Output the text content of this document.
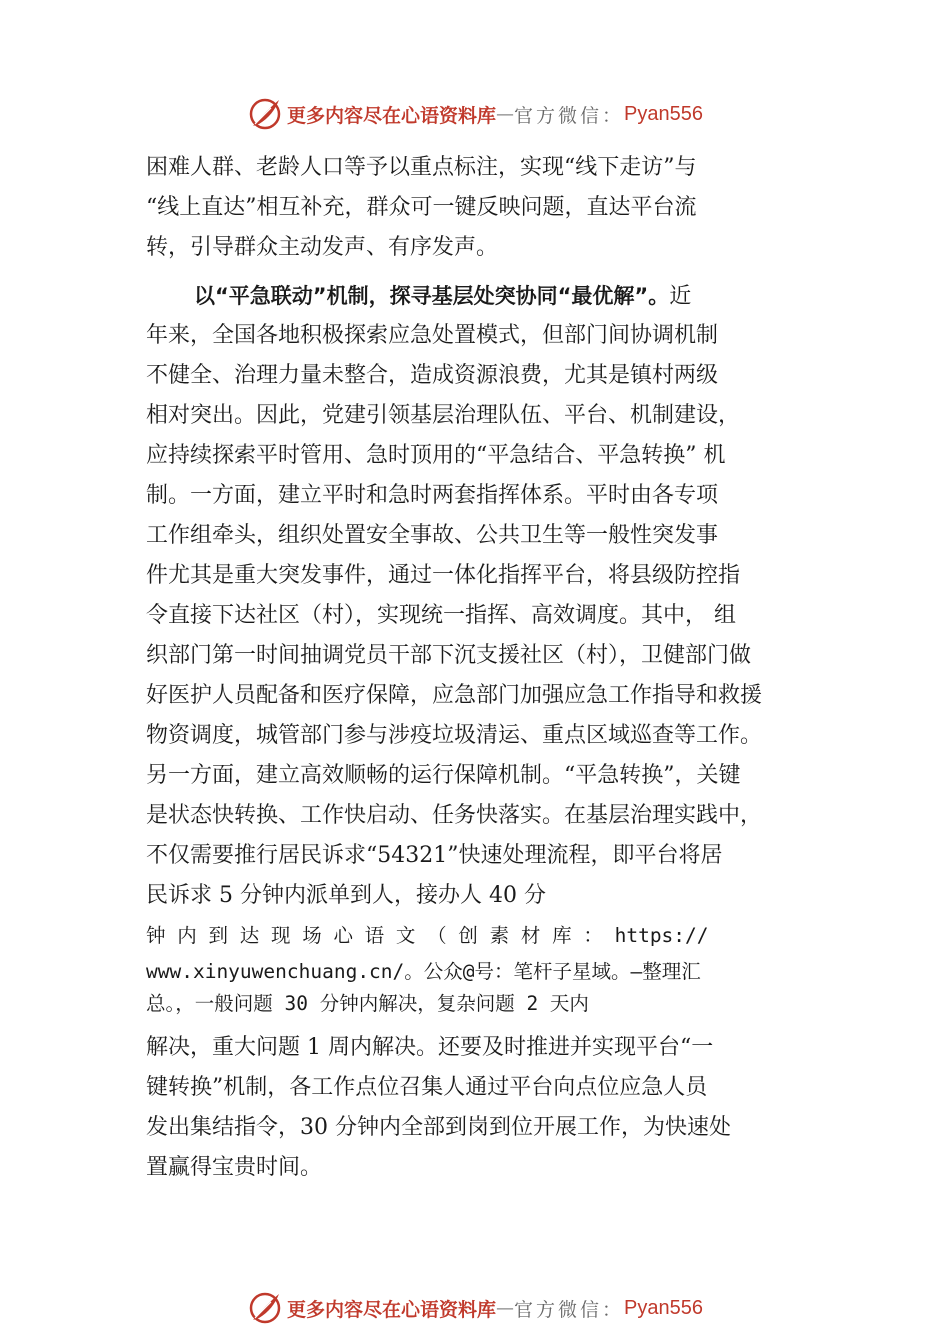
更多内容尽在心语资料库 — 官方微信： Pyan556
困难人群、老龄人口等予以重点标注，实现“线下走访”与
“线上直达”相互补充，群众可一键反映问题，直达平台流
转，引导群众主动发声、有序发声。
以“平急联动”机制，探寻基层处突协同“最优解”。近
年来，全国各地积极探索应急处置模式，但部门间协调机制
不健全、治理力量未整合，造成资源浪费，尤其是镇村两级
相对突出。因此，党建引领基层治理队伍、平台、机制建设，
应持续探索平时管用、急时顶用的“平急结合、平急转换” 机
制。一方面，建立平时和急时两套指挥体系。平时由各专项
工作组牵头，组织处置安全事故、公共卫生等一般性突发事
件尤其是重大突发事件，通过一体化指挥平台，将县级防控指
令直接下达社区（村），实现统一指挥、高效调度。其中， 组
织部门第一时间抽调党员干部下沉支援社区（村），卫健部门做
好医护人员配备和医疗保障，应急部门加强应急工作指导和救援
物资调度，城管部门参与涉疫垃圾清运、重点区域巡查等工作。
另一方面，建立高效顺畅的运行保障机制。“平急转换”，关键
是状态快转换、工作快启动、任务快落实。在基层治理实践中，
不仅需要推行居民诉求“54321”快速处理流程，即平台将居
民诉求 5 分钟内派单到人，接办人 40 分
钟 内 到 达 现 场 心 语 文 （ 创 素 材 库 ： https://
www.xinyuwenchuang.cn/。公众@号：笔杆子星域。—整理汇
总。，一般问题 30 分钟内解决，复杂问题 2 天内
解决，重大问题 1 周内解决。还要及时推进并实现平台“一
键转换”机制，各工作点位召集人通过平台向点位应急人员
发出集结指令，30 分钟内全部到岗到位开展工作，为快速处
置赢得宝贵时间。
更多内容尽在心语资料库 — 官方微信： Pyan556
